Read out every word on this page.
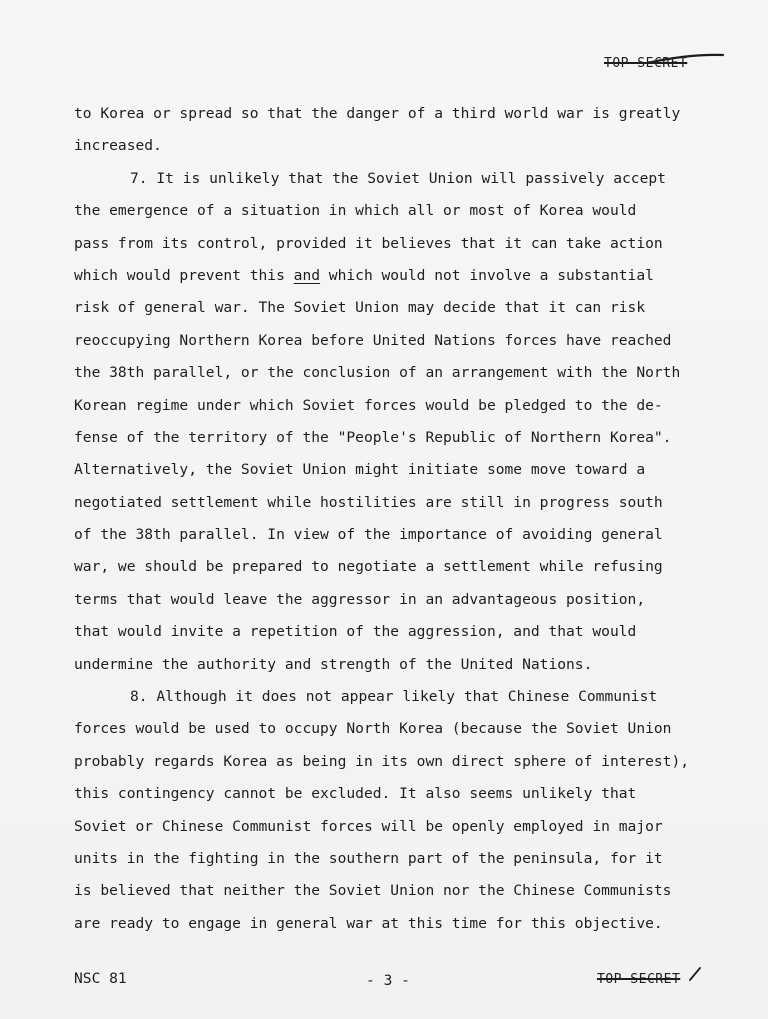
TOP SECRET
to Korea or spread so that the danger of a third world war is greatly
increased.
7. It is unlikely that the Soviet Union will passively accept
the emergence of a situation in which all or most of Korea would
pass from its control, provided it believes that it can take action
which would prevent this and which would not involve a substantial
risk of general war. The Soviet Union may decide that it can risk
reoccupying Northern Korea before United Nations forces have reached
the 38th parallel, or the conclusion of an arrangement with the North
Korean regime under which Soviet forces would be pledged to the de-
fense of the territory of the "People's Republic of Northern Korea".
Alternatively, the Soviet Union might initiate some move toward a
negotiated settlement while hostilities are still in progress south
of the 38th parallel. In view of the importance of avoiding general
war, we should be prepared to negotiate a settlement while refusing
terms that would leave the aggressor in an advantageous position,
that would invite a repetition of the aggression, and that would
undermine the authority and strength of the United Nations.
8. Although it does not appear likely that Chinese Communist
forces would be used to occupy North Korea (because the Soviet Union
probably regards Korea as being in its own direct sphere of interest),
this contingency cannot be excluded. It also seems unlikely that
Soviet or Chinese Communist forces will be openly employed in major
units in the fighting in the southern part of the peninsula, for it
is believed that neither the Soviet Union nor the Chinese Communists
are ready to engage in general war at this time for this objective.
NSC 81	- 3 -	TOP SECRET
